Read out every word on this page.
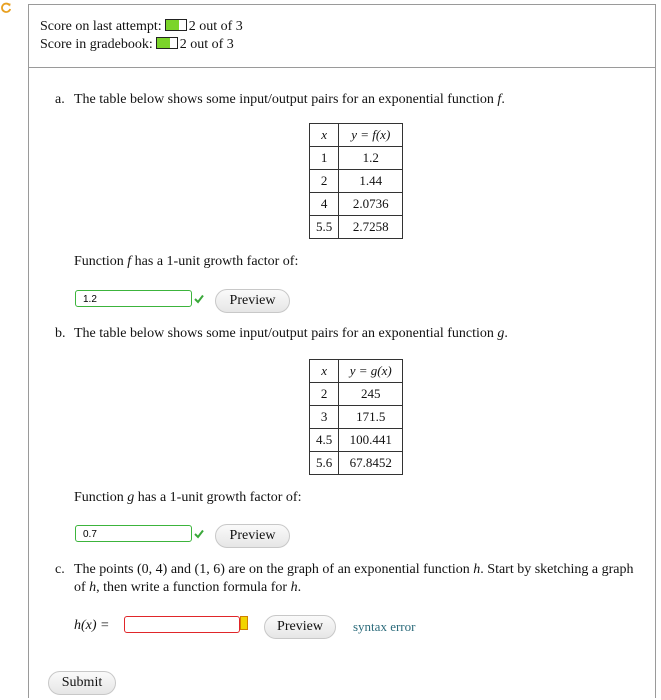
Score on last attempt: 2 out of 3
Score in gradebook: 2 out of 3
a. The table below shows some input/output pairs for an exponential function f.
x	y = f(x)
1	1.2
2	1.44
4	2.0736
5.5	2.7258
Function f has a 1-unit growth factor of:
1.2	Preview
b. The table below shows some input/output pairs for an exponential function g.
x	y = g(x)
2	245
3	171.5
4.5	100.441
5.6	67.8452
Function g has a 1-unit growth factor of:
0.7	Preview
c. The points (0, 4) and (1, 6) are on the graph of an exponential function h. Start by sketching a graph
of h, then write a function formula for h.
h(x) =	Preview	syntax error
Submit
